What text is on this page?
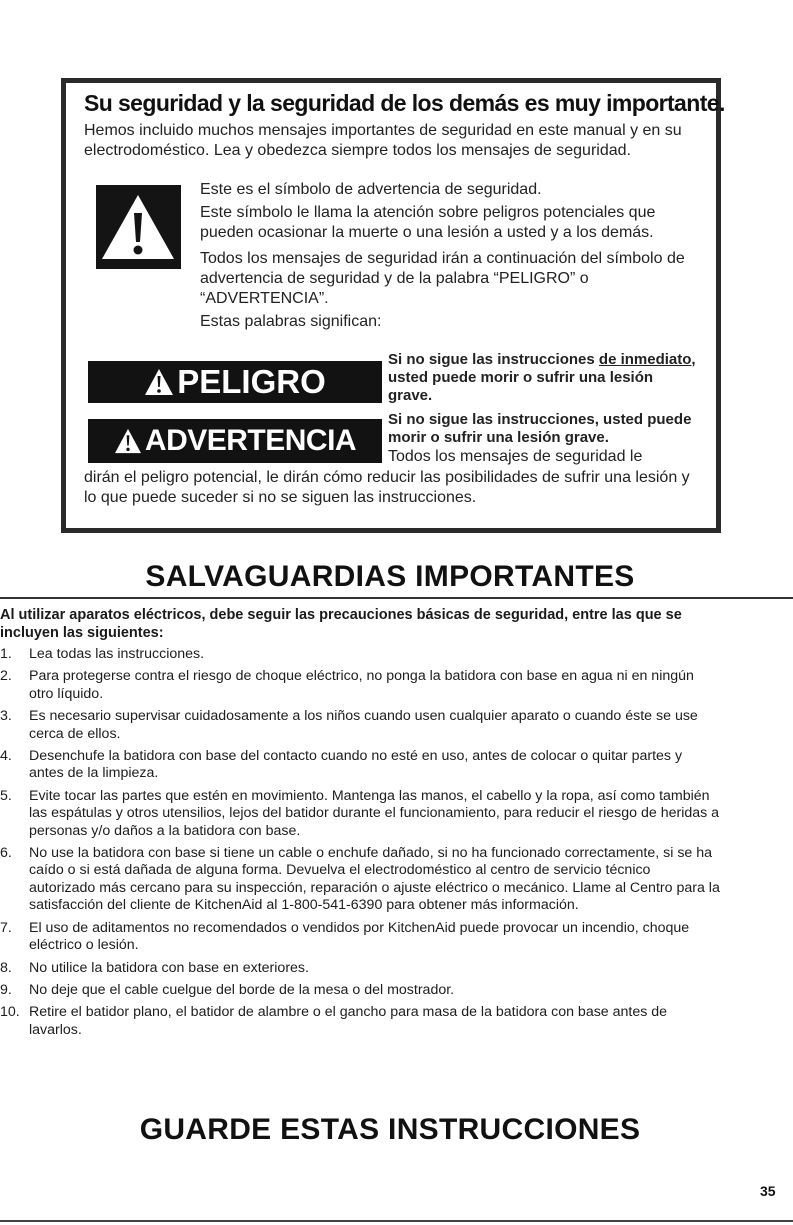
Su seguridad y la seguridad de los demás es muy importante.
Hemos incluido muchos mensajes importantes de seguridad en este manual y en su electrodoméstico. Lea y obedezca siempre todos los mensajes de seguridad.

Este es el símbolo de advertencia de seguridad.

Este símbolo le llama la atención sobre peligros potenciales que pueden ocasionar la muerte o una lesión a usted y a los demás.

Todos los mensajes de seguridad irán a continuación del símbolo de advertencia de seguridad y de la palabra “PELIGRO” o “ADVERTENCIA”.

Estas palabras significan:

PELIGRO
Si no sigue las instrucciones de inmediato, usted puede morir o sufrir una lesión grave.
ADVERTENCIA
Si no sigue las instrucciones, usted puede morir o sufrir una lesión grave.
Todos los mensajes de seguridad le
dirán el peligro potencial, le dirán cómo reducir las posibilidades de sufrir una lesión y lo que puede suceder si no se siguen las instrucciones.
SALVAGUARDIAS IMPORTANTES
Al utilizar aparatos eléctricos, debe seguir las precauciones básicas de seguridad, entre las que se incluyen las siguientes:
1.	Lea todas las instrucciones.
2.	Para protegerse contra el riesgo de choque eléctrico, no ponga la batidora con base en agua ni en ningún otro líquido.
3.	Es necesario supervisar cuidadosamente a los niños cuando usen cualquier aparato o cuando éste se use cerca de ellos.
4.	Desenchufe la batidora con base del contacto cuando no esté en uso, antes de colocar o quitar partes y antes de la limpieza.
5.	Evite tocar las partes que estén en movimiento. Mantenga las manos, el cabello y la ropa, así como también las espátulas y otros utensilios, lejos del batidor durante el funcionamiento, para reducir el riesgo de heridas a personas y/o daños a la batidora con base.
6.	No use la batidora con base si tiene un cable o enchufe dañado, si no ha funcionado correctamente, si se ha caído o si está dañada de alguna forma. Devuelva el electrodoméstico al centro de servicio técnico autorizado más cercano para su inspección, reparación o ajuste eléctrico o mecánico. Llame al Centro para la satisfacción del cliente de KitchenAid al 1-800-541-6390 para obtener más información.
7.	El uso de aditamentos no recomendados o vendidos por KitchenAid puede provocar un incendio, choque eléctrico o lesión.
8.	No utilice la batidora con base en exteriores.
9.	No deje que el cable cuelgue del borde de la mesa o del mostrador.
10. Retire el batidor plano, el batidor de alambre o el gancho para masa de la batidora con base antes de lavarlos.
GUARDE ESTAS INSTRUCCIONES
35
